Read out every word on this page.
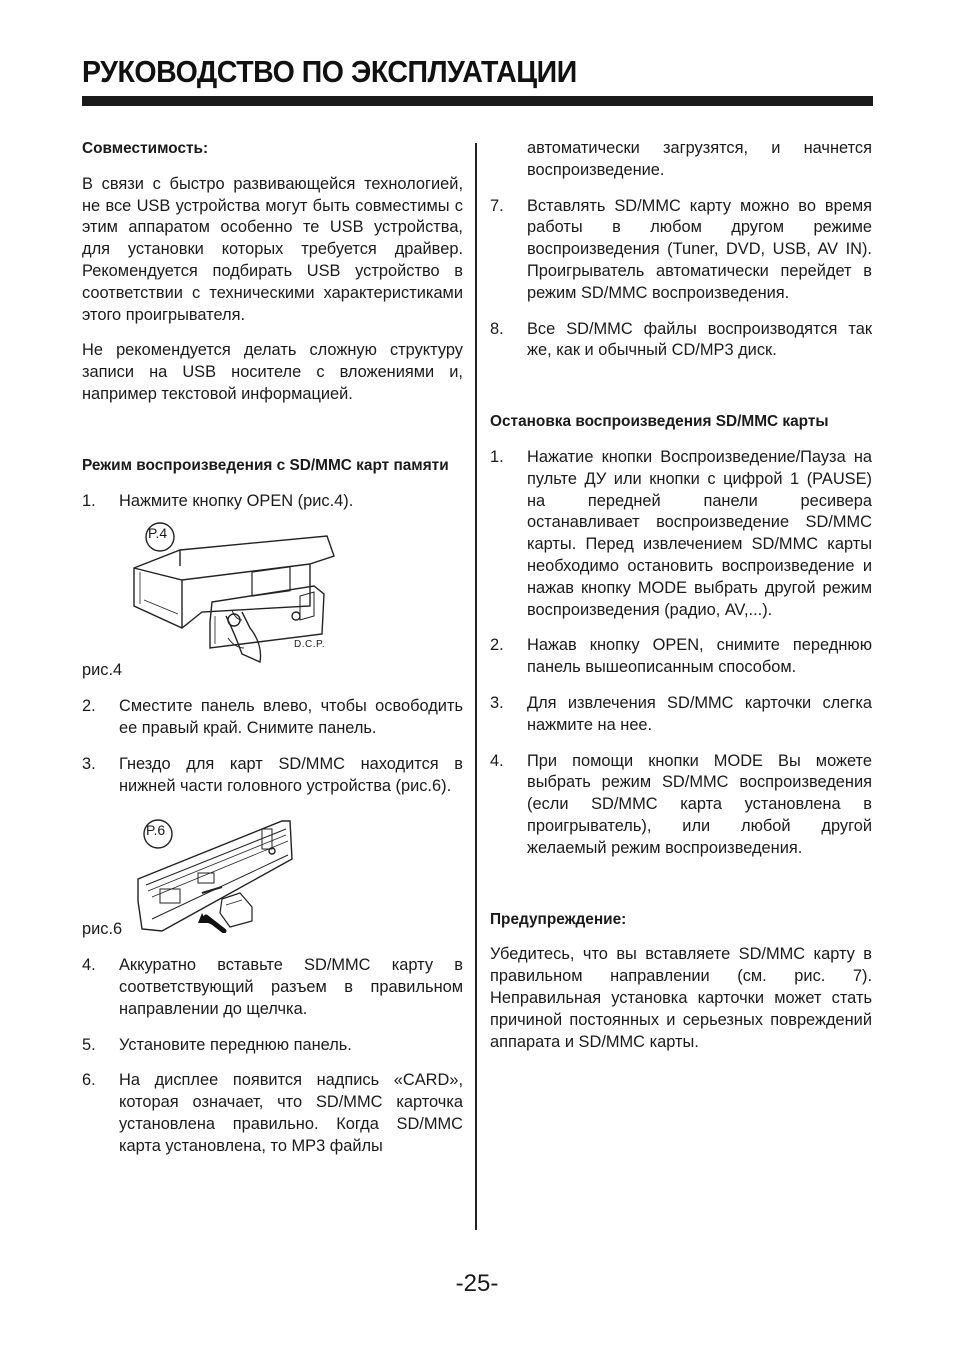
РУКОВОДСТВО ПО ЭКСПЛУАТАЦИИ
Совместимость:

В связи с быстро развивающейся технологией, не все USB устройства могут быть совместимы с этим аппаратом особенно те USB устройства, для установки которых требуется драйвер. Рекомендуется подбирать USB устройство в соответствии с техническими характеристиками этого проигрывателя.

Не рекомендуется делать сложную структуру записи на USB носителе с вложениями и, например текстовой информацией.

Режим воспроизведения с SD/MMC карт памяти
1.	Нажмите кнопку OPEN (рис.4).
P.4
D.C.P.

рис.4

2.	Сместите панель влево, чтобы освободить ее правый край. Снимите панель.
3.	Гнездо для карт SD/MMC находится в нижней части головного устройства (рис.6).
P.6

рис.6

4.	Аккуратно вставьте SD/MMC карту в соответствующий разъем в правильном направлении до щелчка.
5.	Установите переднюю панель.
6.	На дисплее появится надпись «CARD», которая означает, что SD/MMC карточка установлена правильно. Когда SD/MMC карта установлена, то MP3 файлы
автоматически загрузятся, и начнется воспроизведение.
7.	Вставлять SD/MMC карту можно во время работы в любом другом режиме воспроизведения (Tuner, DVD, USB, AV IN). Проигрыватель автоматически перейдет в режим SD/MMC воспроизведения.
8.	Все SD/MMC файлы воспроизводятся так же, как и обычный CD/MP3 диск.
Остановка воспроизведения SD/MMC карты
1.	Нажатие кнопки Воспроизведение/Пауза на пульте ДУ или кнопки с цифрой 1 (PAUSE) на передней панели ресивера останавливает воспроизведение SD/MMC карты. Перед извлечением SD/MMC карты необходимо остановить воспроизведение и нажав кнопку MODE выбрать другой режим воспроизведения (радио, AV,...).
2.	Нажав кнопку OPEN, снимите переднюю панель вышеописанным способом.
3.	Для извлечения SD/MMC карточки слегка нажмите на нее.
4.	При помощи кнопки MODE Вы можете выбрать режим SD/MMC воспроизведения (если SD/MMC карта установлена в проигрыватель), или любой другой желаемый режим воспроизведения.
Предупреждение:

Убедитесь, что вы вставляете SD/MMC карту в правильном направлении (см. рис. 7). Неправильная установка карточки может стать причиной постоянных и серьезных повреждений аппарата и SD/MMC карты.

-25-
